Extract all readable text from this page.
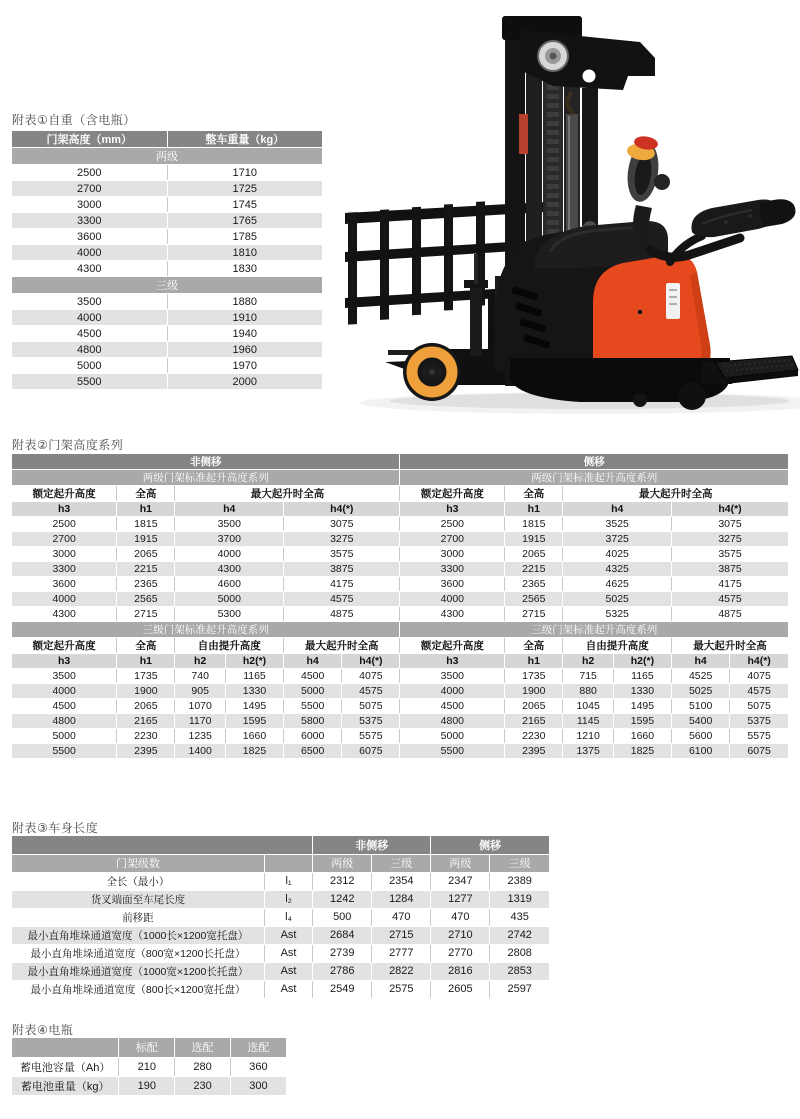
附表①自重（含电瓶）
门架高度（mm）	整车重量（kg）
两级	
2500	1710
2700	1725
3000	1745
3300	1765
3600	1785
4000	1810
4300	1830
三级	
3500	1880
4000	1910
4500	1940
4800	1960
5000	1970
5500	2000
附表②门架高度系列
非侧移						侧移					
两级门架标准起升高度系列						两级门架标准起升高度系列					
额定起升高度	全高	最大起升时全高				额定起升高度	全高	最大起升时全高			
h3	h1	h4		h4(*)		h3	h1	h4		h4(*)	
2500	1815	3500		3075		2500	1815	3525		3075	
2700	1915	3700		3275		2700	1915	3725		3275	
3000	2065	4000		3575		3000	2065	4025		3575	
3300	2215	4300		3875		3300	2215	4325		3875	
3600	2365	4600		4175		3600	2365	4625		4175	
4000	2565	5000		4575		4000	2565	5025		4575	
4300	2715	5300		4875		4300	2715	5325		4875	
三级门架标准起升高度系列						三级门架标准起升高度系列					
额定起升高度	全高	自由提升高度		最大起升时全高		额定起升高度	全高	自由提升高度		最大起升时全高	
h3	h1	h2	h2(*)	h4	h4(*)	h3	h1	h2	h2(*)	h4	h4(*)
3500	1735	740	1165	4500	4075	3500	1735	715	1165	4525	4075
4000	1900	905	1330	5000	4575	4000	1900	880	1330	5025	4575
4500	2065	1070	1495	5500	5075	4500	2065	1045	1495	5100	5075
4800	2165	1170	1595	5800	5375	4800	2165	1145	1595	5400	5375
5000	2230	1235	1660	6000	5575	5000	2230	1210	1660	5600	5575
5500	2395	1400	1825	6500	6075	5500	2395	1375	1825	6100	6075
附表③车身长度
		非侧移		侧移	
门架级数		两级	三级	两级	三级
全长（最小）	l₁	2312	2354	2347	2389
货叉端面至车尾长度	l₂	1242	1284	1277	1319
前移距	l₄	500	470	470	435
最小直角堆垛通道宽度（1000长×1200宽托盘）	Ast	2684	2715	2710	2742
最小直角堆垛通道宽度（800宽×1200长托盘）	Ast	2739	2777	2770	2808
最小直角堆垛通道宽度（1000宽×1200长托盘）	Ast	2786	2822	2816	2853
最小直角堆垛通道宽度（800长×1200宽托盘）	Ast	2549	2575	2605	2597
附表④电瓶
	标配	选配	选配
蓄电池容量（Ah）	210	280	360
蓄电池重量（kg）	190	230	300
